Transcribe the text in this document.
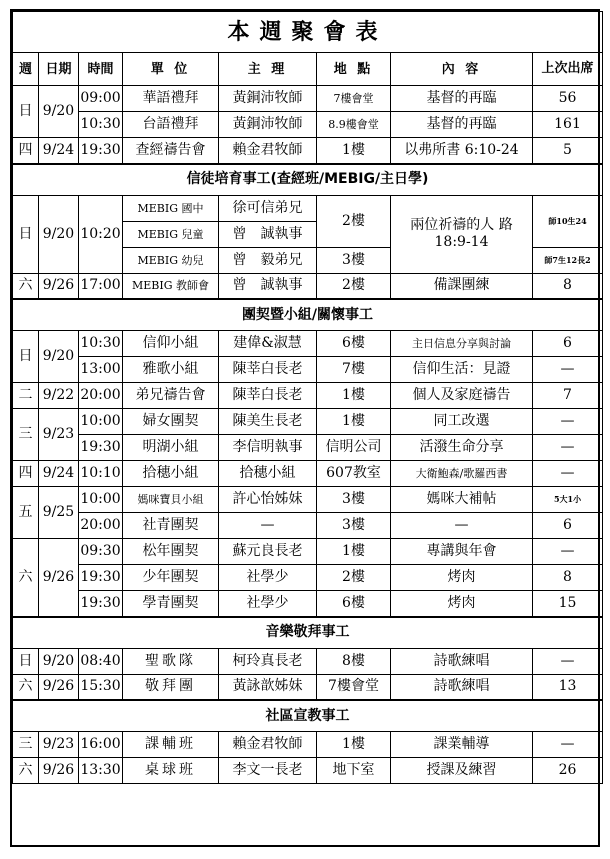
本週聚會表							
週	日期	時間	單 位	主 理	地 點	內 容	上次出席
日	9/20	09:00	華語禮拜	黃銅沛牧師	7樓會堂	基督的再臨	56
		10:30	台語禮拜	黃銅沛牧師	8.9樓會堂	基督的再臨	161
四	9/24	19:30	查經禱告會	賴金君牧師	1樓	以弗所書 6:10-24	5
信徒培育事工(查經班/MEBIG/主日學)							
日	9/20	10:20	MEBIG 國中	徐可信弟兄	2樓	兩位祈禱的人 路 18:9-14	師10生24
			MEBIG 兒童	曾　誠執事			
			MEBIG 幼兒	曾　毅弟兄	3樓		師7生12長2
六	9/26	17:00	MEBIG 教師會	曾　誠執事	2樓	備課團練	8
團契暨小組/關懷事工							
日	9/20	10:30	信仰小組	建偉&淑慧	6樓	主日信息分享與討論	6
		13:00	雅歌小組	陳莘白長老	7樓	信仰生活：見證	—
二	9/22	20:00	弟兄禱告會	陳莘白長老	1樓	個人及家庭禱告	7
三	9/23	10:00	婦女團契	陳美生長老	1樓	同工改選	—
		19:30	明湖小組	李信明執事	信明公司	活潑生命分享	—
四	9/24	10:10	拾穗小組	拾穗小組	607教室	大衛鮑森/歌羅西書	—
五	9/25	10:00	媽咪寶貝小組	許心怡姊妹	3樓	媽咪大補帖	5大1小
		20:00	社青團契	—	3樓	—	6
六	9/26	09:30	松年團契	蘇元良長老	1樓	專講與年會	—
		19:30	少年團契	社學少	2樓	烤肉	8
		19:30	學青團契	社學少	6樓	烤肉	15
音樂敬拜事工							
日	9/20	08:40	聖歌隊	柯玲真長老	8樓	詩歌練唱	—
六	9/26	15:30	敬拜團	黃詠歆姊妹	7樓會堂	詩歌練唱	13
社區宣教事工							
三	9/23	16:00	課輔班	賴金君牧師	1樓	課業輔導	—
六	9/26	13:30	桌球班	李文一長老	地下室	授課及練習	26
